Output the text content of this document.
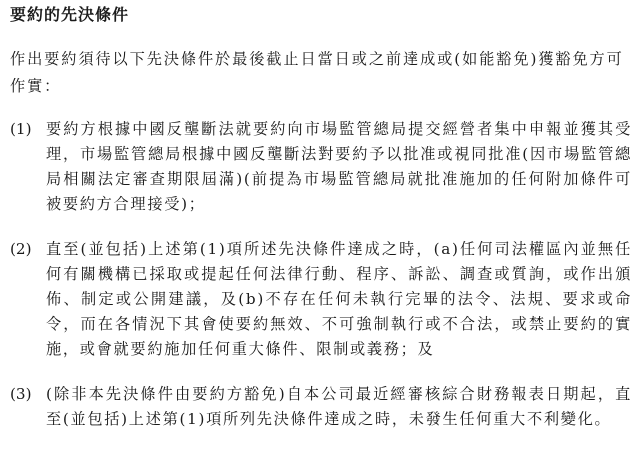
要約的先決條件
作出要約須待以下先決條件於最後截止日當日或之前達成或(如能豁免)獲豁免方可作實：
(1) 要約方根據中國反壟斷法就要約向市場監管總局提交經營者集中申報並獲其受理，市場監管總局根據中國反壟斷法對要約予以批准或視同批准(因市場監管總局相關法定審查期限屆滿)(前提為市場監管總局就批准施加的任何附加條件可被要約方合理接受)；
(2) 直至(並包括)上述第(1)項所述先決條件達成之時，(a)任何司法權區內並無任何有關機構已採取或提起任何法律行動、程序、訴訟、調查或質詢，或作出頒佈、制定或公開建議，及(b)不存在任何未執行完畢的法令、法規、要求或命令，而在各情況下其會使要約無效、不可強制執行或不合法，或禁止要約的實施，或會就要約施加任何重大條件、限制或義務；及
(3) (除非本先決條件由要約方豁免)自本公司最近經審核綜合財務報表日期起，直至(並包括)上述第(1)項所列先決條件達成之時，未發生任何重大不利變化。
